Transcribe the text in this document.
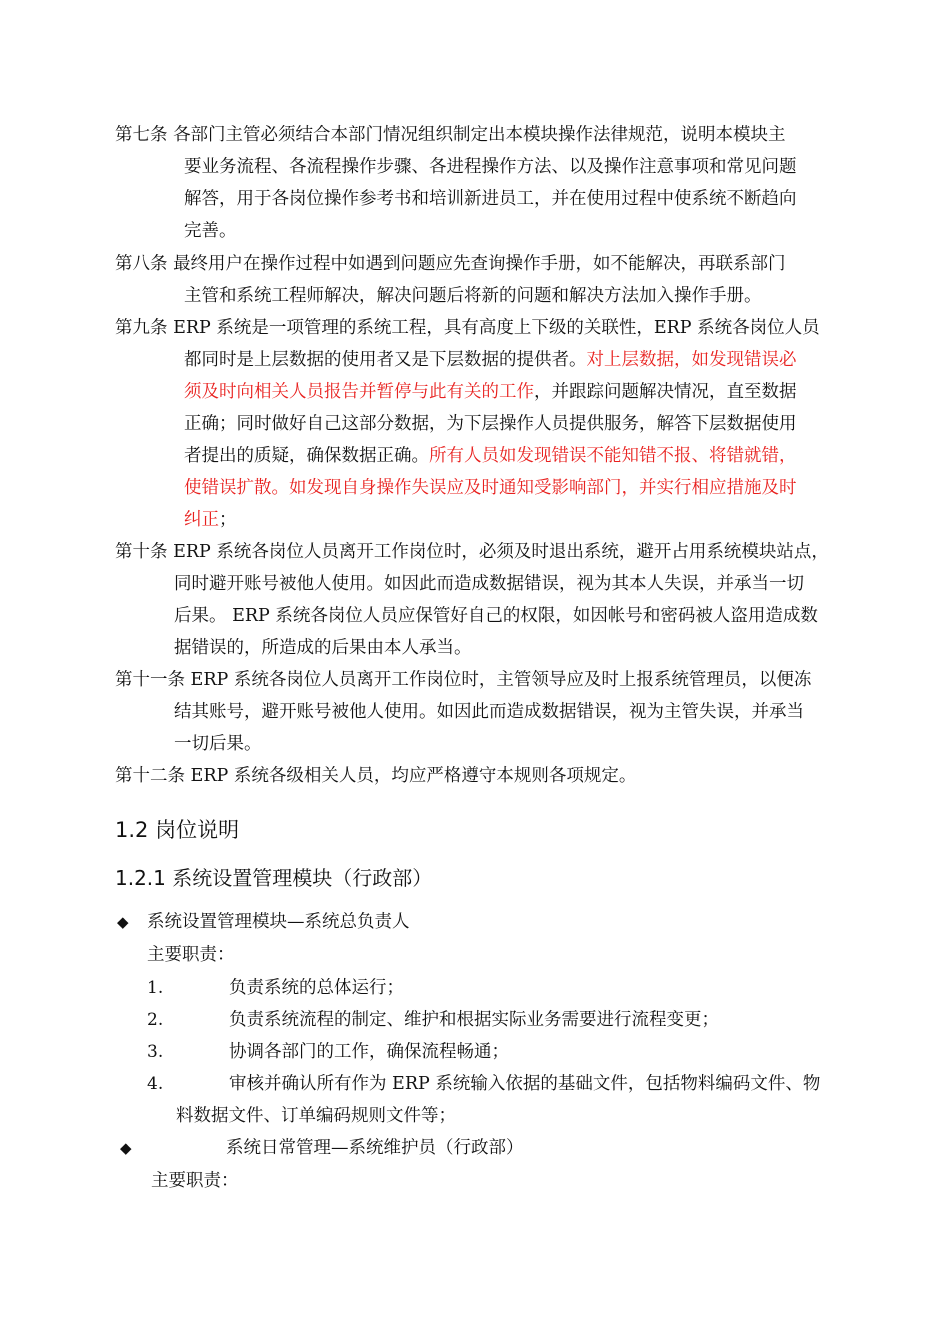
第七条 各部门主管必须结合本部门情况组织制定出本模块操作法律规范，说明本模块主
要业务流程、各流程操作步骤、各进程操作方法、以及操作注意事项和常见问题
解答，用于各岗位操作参考书和培训新进员工，并在使用过程中使系统不断趋向
完善。
第八条 最终用户在操作过程中如遇到问题应先查询操作手册，如不能解决，再联系部门
主管和系统工程师解决，解决问题后将新的问题和解决方法加入操作手册。
第九条 ERP 系统是一项管理的系统工程，具有高度上下级的关联性，ERP 系统各岗位人员
都同时是上层数据的使用者又是下层数据的提供者。对上层数据，如发现错误必
须及时向相关人员报告并暂停与此有关的工作，并跟踪问题解决情况，直至数据
正确；同时做好自己这部分数据，为下层操作人员提供服务，解答下层数据使用
者提出的质疑，确保数据正确。所有人员如发现错误不能知错不报、将错就错，
使错误扩散。如发现自身操作失误应及时通知受影响部门，并实行相应措施及时
纠正；
第十条 ERP 系统各岗位人员离开工作岗位时，必须及时退出系统，避开占用系统模块站点，
同时避开账号被他人使用。如因此而造成数据错误，视为其本人失误，并承当一切
后果。 ERP 系统各岗位人员应保管好自己的权限，如因帐号和密码被人盗用造成数
据错误的，所造成的后果由本人承当。
第十一条 ERP 系统各岗位人员离开工作岗位时，主管领导应及时上报系统管理员，以便冻
结其账号，避开账号被他人使用。如因此而造成数据错误，视为主管失误，并承当
一切后果。
第十二条 ERP 系统各级相关人员，均应严格遵守本规则各项规定。
1.2 岗位说明
1.2.1 系统设置管理模块（行政部）
◆ 系统设置管理模块—系统总负责人
主要职责：
1.	负责系统的总体运行；
2.	负责系统流程的制定、维护和根据实际业务需要进行流程变更；
3.	协调各部门的工作，确保流程畅通；
4.	审核并确认所有作为 ERP 系统输入依据的基础文件，包括物料编码文件、物
料数据文件、订单编码规则文件等；
◆	系统日常管理—系统维护员（行政部）
主要职责：
